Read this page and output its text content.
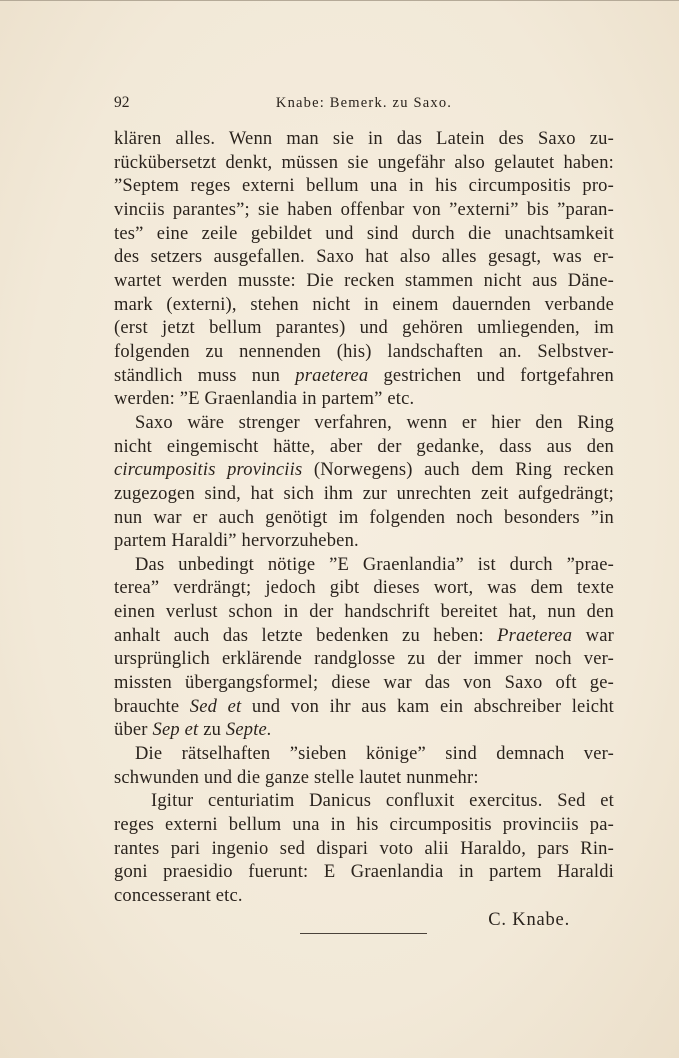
92	Knabe: Bemerk. zu Saxo.
klären alles. Wenn man sie in das Latein des Saxo zu-
rückübersetzt denkt, müssen sie ungefähr also gelautet haben:
”Septem reges externi bellum una in his circumpositis pro-
vinciis parantes”; sie haben offenbar von ”externi” bis ”paran-
tes” eine zeile gebildet und sind durch die unachtsamkeit
des setzers ausgefallen. Saxo hat also alles gesagt, was er-
wartet werden musste: Die recken stammen nicht aus Däne-
mark (externi), stehen nicht in einem dauernden verbande
(erst jetzt bellum parantes) und gehören umliegenden, im
folgenden zu nennenden (his) landschaften an. Selbstver-
ständlich muss nun praeterea gestrichen und fortgefahren
werden: ”E Graenlandia in partem” etc.
Saxo wäre strenger verfahren, wenn er hier den Ring
nicht eingemischt hätte, aber der gedanke, dass aus den
circumpositis provinciis (Norwegens) auch dem Ring recken
zugezogen sind, hat sich ihm zur unrechten zeit aufgedrängt;
nun war er auch genötigt im folgenden noch besonders ”in
partem Haraldi” hervorzuheben.
Das unbedingt nötige ”E Graenlandia” ist durch ”prae-
terea” verdrängt; jedoch gibt dieses wort, was dem texte
einen verlust schon in der handschrift bereitet hat, nun den
anhalt auch das letzte bedenken zu heben: Praeterea war
ursprünglich erklärende randglosse zu der immer noch ver-
missten übergangsformel; diese war das von Saxo oft ge-
brauchte Sed et und von ihr aus kam ein abschreiber leicht
über Sep et zu Septe.
Die rätselhaften ”sieben könige” sind demnach ver-
schwunden und die ganze stelle lautet nunmehr:
Igitur centuriatim Danicus confluxit exercitus. Sed et
reges externi bellum una in his circumpositis provinciis pa-
rantes pari ingenio sed dispari voto alii Haraldo, pars Rin-
goni praesidio fuerunt: E Graenlandia in partem Haraldi
concesserant etc.
C. Knabe.
